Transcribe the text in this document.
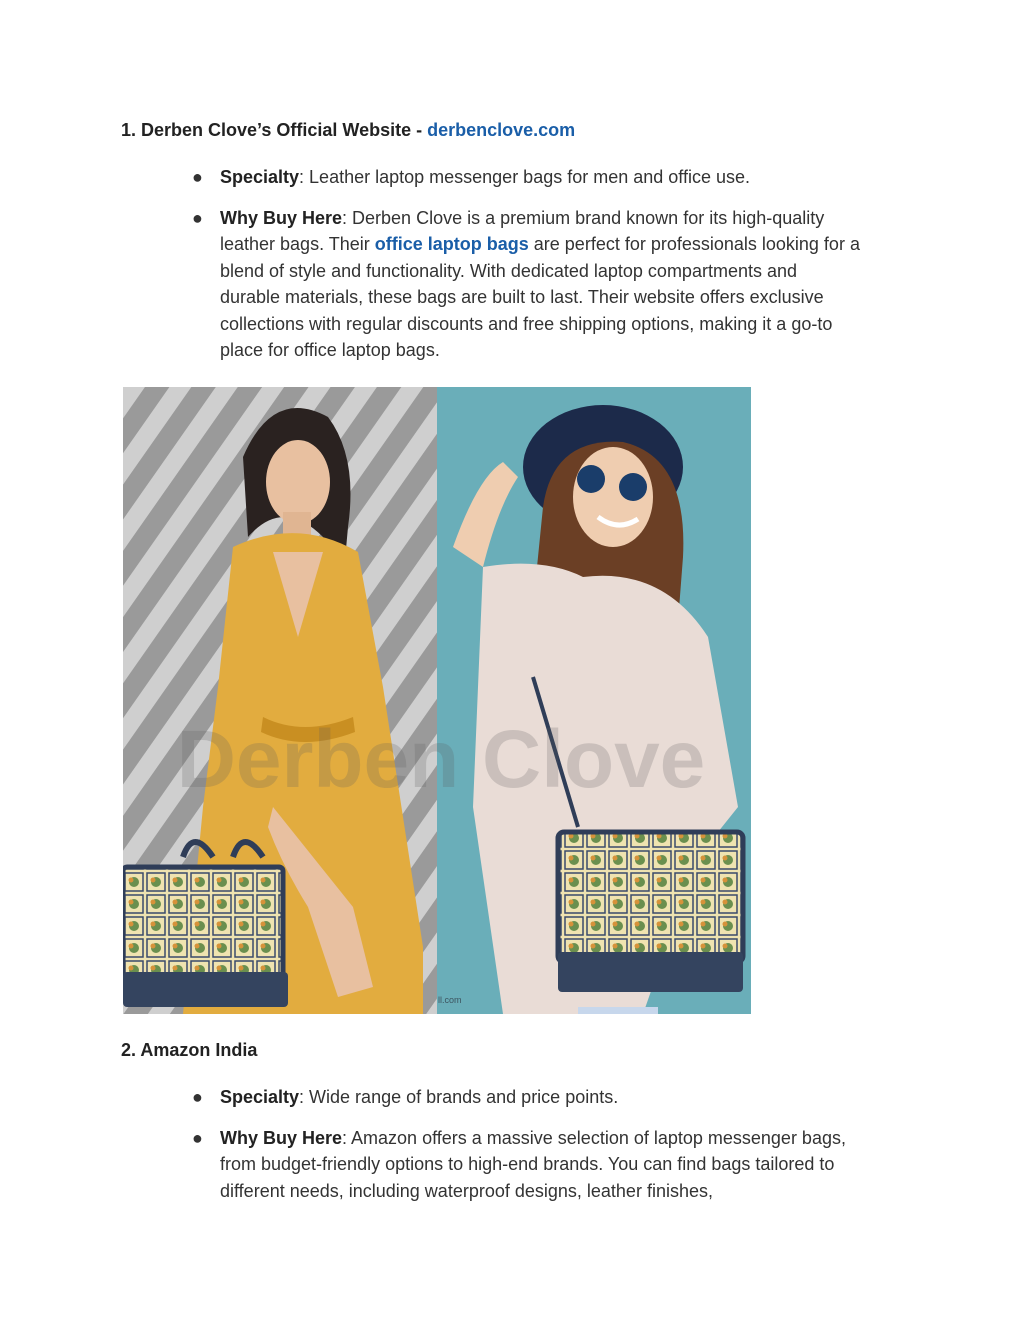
1. Derben Clove’s Official Website - derbenclove.com
● Specialty: Leather laptop messenger bags for men and office use.
● Why Buy Here: Derben Clove is a premium brand known for its high-quality leather bags. Their office laptop bags are perfect for professionals looking for a blend of style and functionality. With dedicated laptop compartments and durable materials, these bags are built to last. Their website offers exclusive collections with regular discounts and free shipping options, making it a go-to place for office laptop bags.
Derben Clove
ll.com
2. Amazon India
● Specialty: Wide range of brands and price points.
● Why Buy Here: Amazon offers a massive selection of laptop messenger bags, from budget-friendly options to high-end brands. You can find bags tailored to different needs, including waterproof designs, leather finishes,
